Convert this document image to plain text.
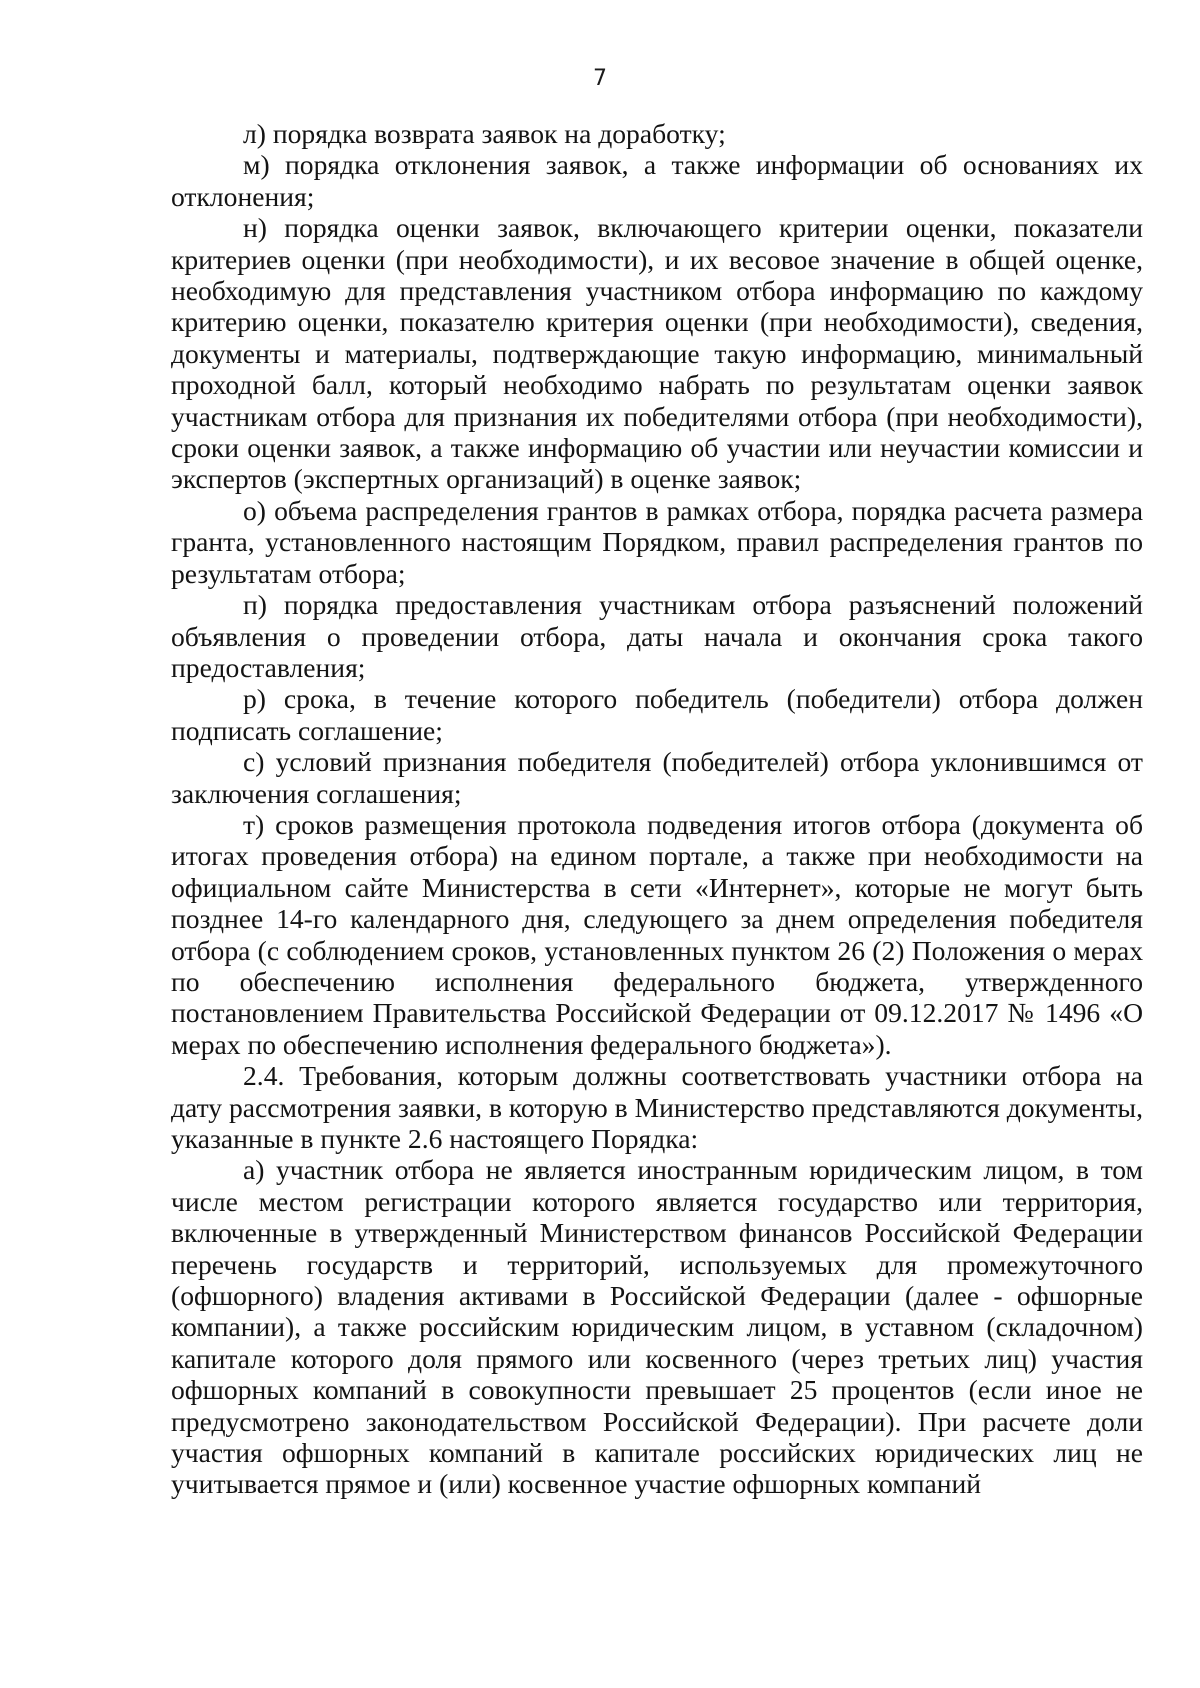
7

л) порядка возврата заявок на доработку;

м) порядка отклонения заявок, а также информации об основаниях их отклонения;

н) порядка оценки заявок, включающего критерии оценки, показатели критериев оценки (при необходимости), и их весовое значение в общей оценке, необходимую для представления участником отбора информацию по каждому критерию оценки, показателю критерия оценки (при необходимости), сведения, документы и материалы, подтверждающие такую информацию, минимальный проходной балл, который необходимо набрать по результатам оценки заявок участникам отбора для признания их победителями отбора (при необходимости), сроки оценки заявок, а также информацию об участии или неучастии комиссии и экспертов (экспертных организаций) в оценке заявок;

о) объема распределения грантов в рамках отбора, порядка расчета размера гранта, установленного настоящим Порядком, правил распределения грантов по результатам отбора;

п) порядка предоставления участникам отбора разъяснений положений объявления о проведении отбора, даты начала и окончания срока такого предоставления;

р) срока, в течение которого победитель (победители) отбора должен подписать соглашение;

с) условий признания победителя (победителей) отбора уклонившимся от заключения соглашения;

т) сроков размещения протокола подведения итогов отбора (документа об итогах проведения отбора) на едином портале, а также при необходимости на официальном сайте Министерства в сети «Интернет», которые не могут быть позднее 14-го календарного дня, следующего за днем определения победителя отбора (с соблюдением сроков, установленных пунктом 26 (2) Положения о мерах по обеспечению исполнения федерального бюджета, утвержденного постановлением Правительства Российской Федерации от 09.12.2017 № 1496 «О мерах по обеспечению исполнения федерального бюджета»).

2.4. Требования, которым должны соответствовать участники отбора на дату рассмотрения заявки, в которую в Министерство представляются документы, указанные в пункте 2.6 настоящего Порядка:

а) участник отбора не является иностранным юридическим лицом, в том числе местом регистрации которого является государство или территория, включенные в утвержденный Министерством финансов Российской Федерации перечень государств и территорий, используемых для промежуточного (офшорного) владения активами в Российской Федерации (далее - офшорные компании), а также российским юридическим лицом, в уставном (складочном) капитале которого доля прямого или косвенного (через третьих лиц) участия офшорных компаний в совокупности превышает 25 процентов (если иное не предусмотрено законодательством Российской Федерации). При расчете доли участия офшорных компаний в капитале российских юридических лиц не учитывается прямое и (или) косвенное участие офшорных компаний
